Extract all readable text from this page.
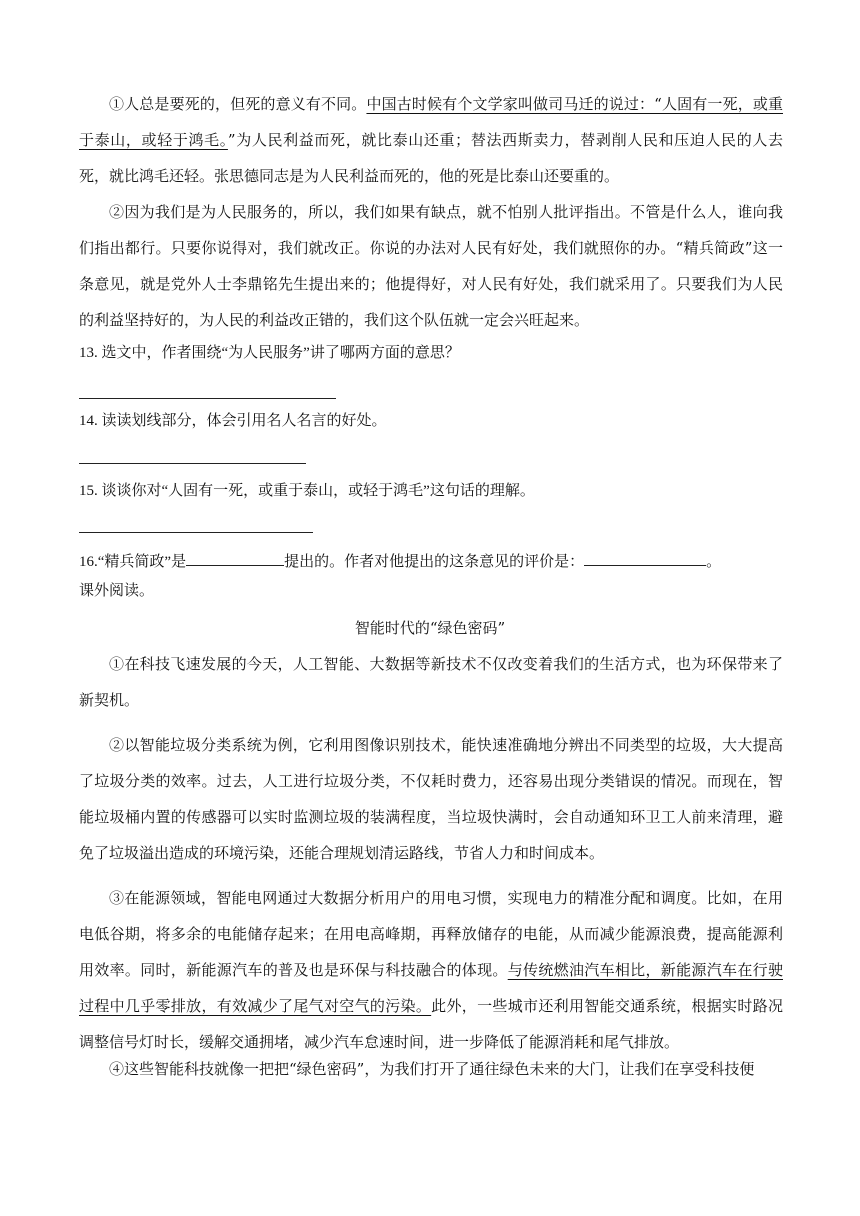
①人总是要死的，但死的意义有不同。中国古时候有个文学家叫做司马迁的说过：“人固有一死，或重于泰山，或轻于鸿毛。”为人民利益而死，就比泰山还重；替法西斯卖力，替剥削人民和压迫人民的人去死，就比鸿毛还轻。张思德同志是为人民利益而死的，他的死是比泰山还要重的。

②因为我们是为人民服务的，所以，我们如果有缺点，就不怕别人批评指出。不管是什么人，谁向我们指出都行。只要你说得对，我们就改正。你说的办法对人民有好处，我们就照你的办。“精兵简政”这一条意见，就是党外人士李鼎铭先生提出来的；他提得好，对人民有好处，我们就采用了。只要我们为人民的利益坚持好的，为人民的利益改正错的，我们这个队伍就一定会兴旺起来。

13. 选文中，作者围绕“为人民服务”讲了哪两方面的意思？

14. 读读划线部分，体会引用名人名言的好处。

15. 谈谈你对“人固有一死，或重于泰山，或轻于鸿毛”这句话的理解。

16.“精兵简政”是	提出的。作者对他提出的这条意见的评价是：	。

课外阅读。

智能时代的“绿色密码”

①在科技飞速发展的今天，人工智能、大数据等新技术不仅改变着我们的生活方式，也为环保带来了新契机。

②以智能垃圾分类系统为例，它利用图像识别技术，能快速准确地分辨出不同类型的垃圾，大大提高了垃圾分类的效率。过去，人工进行垃圾分类，不仅耗时费力，还容易出现分类错误的情况。而现在，智能垃圾桶内置的传感器可以实时监测垃圾的装满程度，当垃圾快满时，会自动通知环卫工人前来清理，避免了垃圾溢出造成的环境污染，还能合理规划清运路线，节省人力和时间成本。

③在能源领域，智能电网通过大数据分析用户的用电习惯，实现电力的精准分配和调度。比如，在用电低谷期，将多余的电能储存起来；在用电高峰期，再释放储存的电能，从而减少能源浪费，提高能源利用效率。同时，新能源汽车的普及也是环保与科技融合的体现。与传统燃油汽车相比，新能源汽车在行驶过程中几乎零排放，有效减少了尾气对空气的污染。此外，一些城市还利用智能交通系统，根据实时路况调整信号灯时长，缓解交通拥堵，减少汽车怠速时间，进一步降低了能源消耗和尾气排放。

④这些智能科技就像一把把“绿色密码”，为我们打开了通往绿色未来的大门，让我们在享受科技便
